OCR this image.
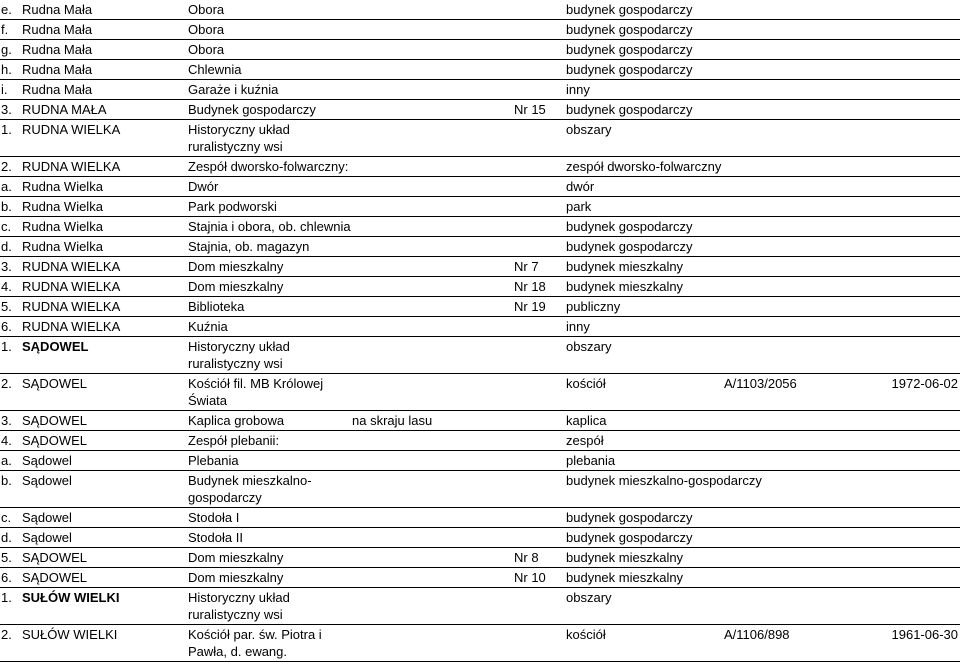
e.	Rudna Mała	Obora			budynek gospodarczy		
f.	Rudna Mała	Obora			budynek gospodarczy		
g.	Rudna Mała	Obora			budynek gospodarczy		
h.	Rudna Mała	Chlewnia			budynek gospodarczy		
i.	Rudna Mała	Garaże i kuźnia			inny		
3.	RUDNA MAŁA	Budynek gospodarczy		Nr 15	budynek gospodarczy		
1.	RUDNA WIELKA	Historyczny układ ruralistyczny wsi			obszary		
2.	RUDNA WIELKA	Zespół dworsko-folwarczny:			zespół dworsko-folwarczny		
a.	Rudna Wielka	Dwór			dwór		
b.	Rudna Wielka	Park podworski			park		
c.	Rudna Wielka	Stajnia i obora, ob. chlewnia			budynek gospodarczy		
d.	Rudna Wielka	Stajnia, ob. magazyn			budynek gospodarczy		
3.	RUDNA WIELKA	Dom mieszkalny		Nr 7	budynek mieszkalny		
4.	RUDNA WIELKA	Dom mieszkalny		Nr 18	budynek mieszkalny		
5.	RUDNA WIELKA	Biblioteka		Nr 19	publiczny		
6.	RUDNA WIELKA	Kuźnia			inny		
1.	SĄDOWEL	Historyczny układ ruralistyczny wsi			obszary		
2.	SĄDOWEL	Kościół fil. MB Królowej Świata			kościół	A/1103/2056	1972-06-02
3.	SĄDOWEL	Kaplica grobowa	na skraju lasu		kaplica		
4.	SĄDOWEL	Zespół plebanii:			zespół		
a.	Sądowel	Plebania			plebania		
b.	Sądowel	Budynek mieszkalno-gospodarczy			budynek mieszkalno-gospodarczy		
c.	Sądowel	Stodoła I			budynek gospodarczy		
d.	Sądowel	Stodoła II			budynek gospodarczy		
5.	SĄDOWEL	Dom mieszkalny		Nr 8	budynek mieszkalny		
6.	SĄDOWEL	Dom mieszkalny		Nr 10	budynek mieszkalny		
1.	SUŁÓW WIELKI	Historyczny układ ruralistyczny wsi			obszary		
2.	SUŁÓW WIELKI	Kościół par. św. Piotra i Pawła, d. ewang.			kościół	A/1106/898	1961-06-30
